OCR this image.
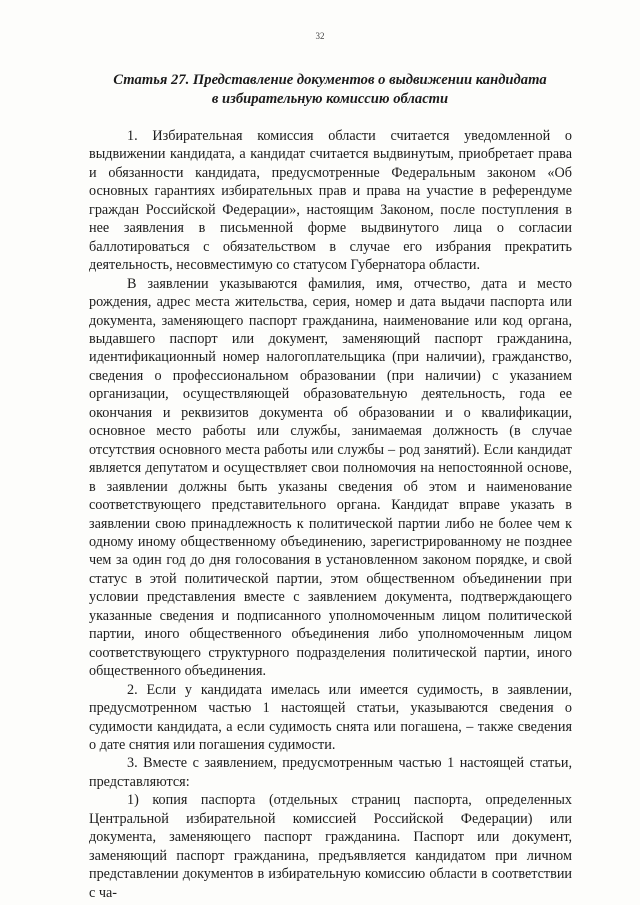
32
Статья 27. Представление документов о выдвижении кандидата
в избирательную комиссию области

1. Избирательная комиссия области считается уведомленной о выдвижении кандидата, а кандидат считается выдвинутым, приобретает права и обязанности кандидата, предусмотренные Федеральным законом «Об основных гарантиях избирательных прав и права на участие в референдуме граждан Российской Федерации», настоящим Законом, после поступления в нее заявления в письменной форме выдвинутого лица о согласии баллотироваться с обязательством в случае его избрания прекратить деятельность, несовместимую со статусом Губернатора области.

В заявлении указываются фамилия, имя, отчество, дата и место рождения, адрес места жительства, серия, номер и дата выдачи паспорта или документа, заменяющего паспорт гражданина, наименование или код органа, выдавшего паспорт или документ, заменяющий паспорт гражданина, идентификационный номер налогоплательщика (при наличии), гражданство, сведения о профессиональном образовании (при наличии) с указанием организации, осуществляющей образовательную деятельность, года ее окончания и реквизитов документа об образовании и о квалификации, основное место работы или службы, занимаемая должность (в случае отсутствия основного места работы или службы – род занятий). Если кандидат является депутатом и осуществляет свои полномочия на непостоянной основе, в заявлении должны быть указаны сведения об этом и наименование соответствующего представительного органа. Кандидат вправе указать в заявлении свою принадлежность к политической партии либо не более чем к одному иному общественному объединению, зарегистрированному не позднее чем за один год до дня голосования в установленном законом порядке, и свой статус в этой политической партии, этом общественном объединении при условии представления вместе с заявлением документа, подтверждающего указанные сведения и подписанного уполномоченным лицом политической партии, иного общественного объединения либо уполномоченным лицом соответствующего структурного подразделения политической партии, иного общественного объединения.

2. Если у кандидата имелась или имеется судимость, в заявлении, предусмотренном частью 1 настоящей статьи, указываются сведения о судимости кандидата, а если судимость снята или погашена, – также сведения о дате снятия или погашения судимости.

3. Вместе с заявлением, предусмотренным частью 1 настоящей статьи, представляются:

1) копия паспорта (отдельных страниц паспорта, определенных Центральной избирательной комиссией Российской Федерации) или документа, заменяющего паспорт гражданина. Паспорт или документ, заменяющий паспорт гражданина, предъявляется кандидатом при личном представлении документов в избирательную комиссию области в соответствии с ча-
